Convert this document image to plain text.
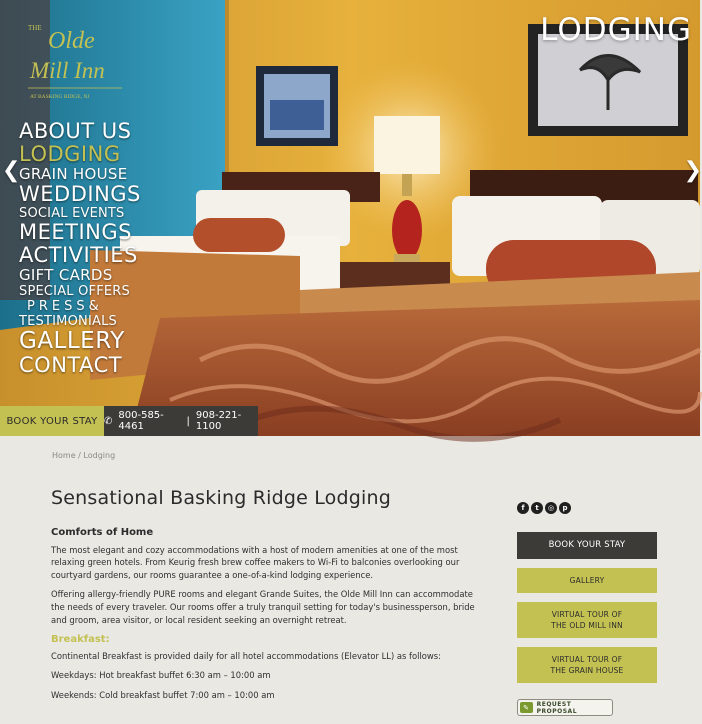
THE Olde
Mill Inn
AT BASKING RIDGE, NJ
LODGING
❮	❯
ABOUT US
LODGING
GRAIN HOUSE
WEDDINGS
SOCIAL EVENTS
MEETINGS
ACTIVITIES
GIFT CARDS
SPECIAL OFFERS
PRESS&
TESTIMONIALS
GALLERY
CONTACT
BOOK YOUR STAY ✆ 800-585-4461	| 908-221-1100
Home / Lodging
Sensational Basking Ridge Lodging
Comforts of Home

The most elegant and cozy accommodations with a host of modern amenities at one of the most relaxing green hotels. From Keurig fresh brew coffee makers to Wi-Fi to balconies overlooking our courtyard gardens, our rooms guarantee a one-of-a-kind lodging experience.

Offering allergy-friendly PURE rooms and elegant Grande Suites, the Olde Mill Inn can accommodate the needs of every traveler. Our rooms offer a truly tranquil setting for today's businessperson, bride and groom, area visitor, or local resident seeking an overnight retreat.

Breakfast:

Continental Breakfast is provided daily for all hotel accommodations (Elevator LL) as follows:

Weekdays: Hot breakfast buffet 6:30 am – 10:00 am

Weekends: Cold breakfast buffet 7:00 am – 10:00 am

f	t	◎	p
BOOK YOUR STAY
GALLERY
VIRTUAL TOUR OF
THE OLD MILL INN
VIRTUAL TOUR OF
THE GRAIN HOUSE
✎	REQUEST PROPOSAL
